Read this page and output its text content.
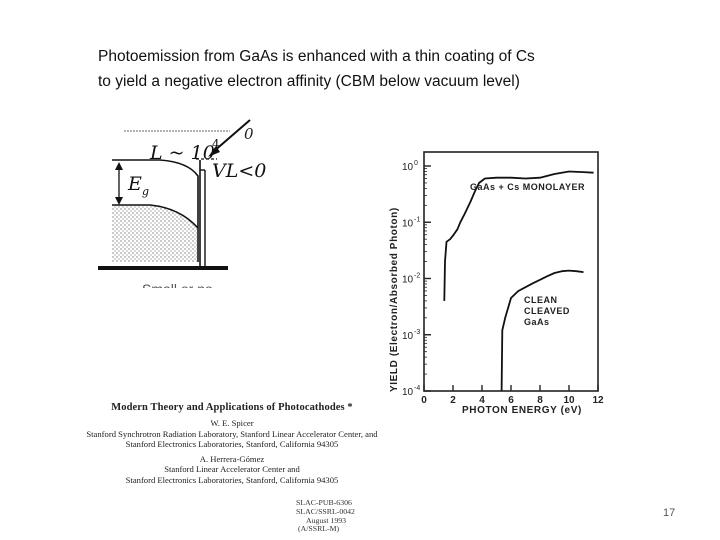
Photoemission from GaAs is enhanced with a thin coating of Cs
to yield a negative electron affinity (CBM below vacuum level)
0
L ~ 10
4
VL<0
E g
Small or no
10 0
10 -1
10 -2
10 -3
10 -4
0 2 4 6 8 10 12
YIELD (Electron/Absorbed Photon)
PHOTON ENERGY (eV)
GaAs + Cs MONOLAYER
CLEAN
CLEAVED
GaAs
Modern Theory and Applications of Photocathodes *
W. E. Spicer
Stanford Synchrotron Radiation Laboratory, Stanford Linear Accelerator Center, and
Stanford Electronics Laboratories, Stanford, California 94305
A. Herrera-Gómez
Stanford Linear Accelerator Center and
Stanford Electronics Laboratories, Stanford, California 94305
SLAC-PUB-6306
SLAC/SSRL-0042
August 1993
(A/SSRL-M)
17
